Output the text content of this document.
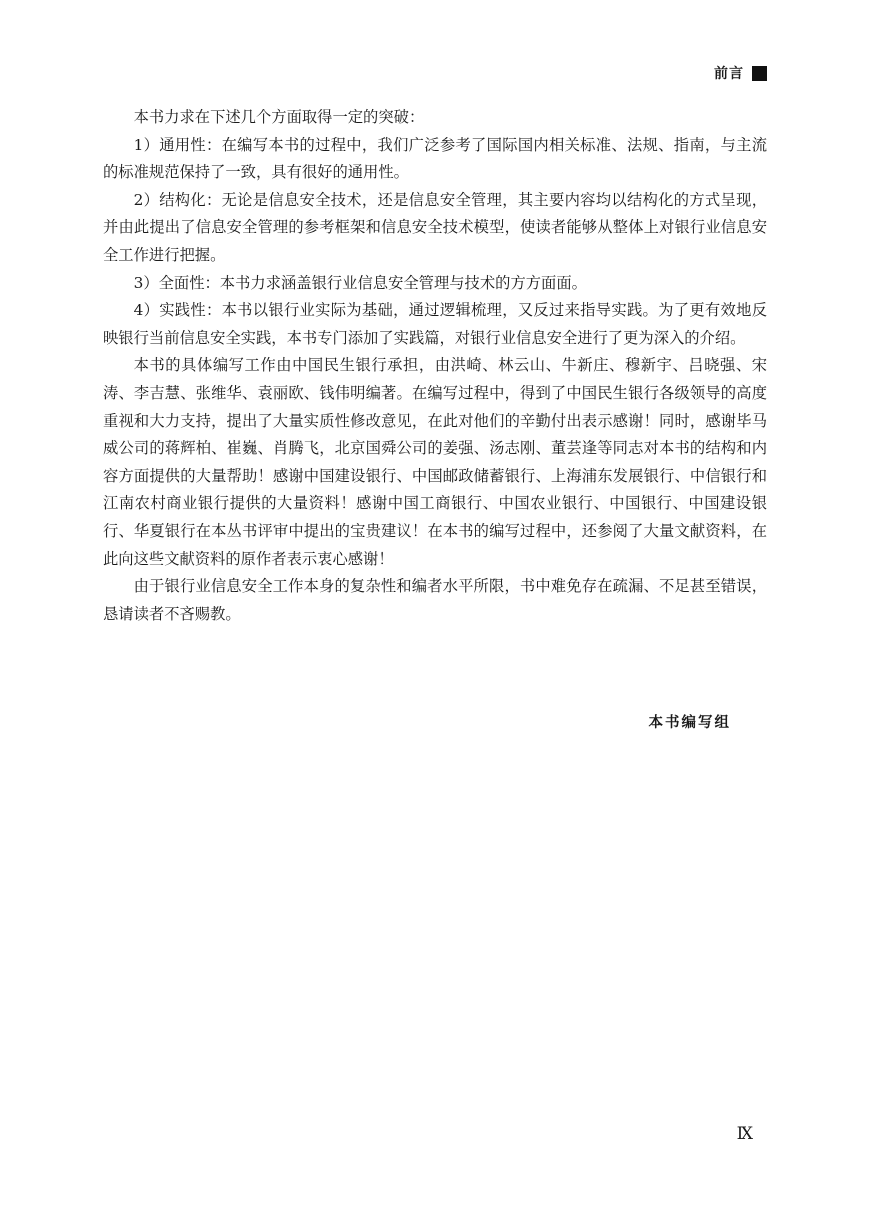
前言

本书力求在下述几个方面取得一定的突破：

1）通用性：在编写本书的过程中，我们广泛参考了国际国内相关标准、法规、指南，与主流的标准规范保持了一致，具有很好的通用性。

2）结构化：无论是信息安全技术，还是信息安全管理，其主要内容均以结构化的方式呈现，并由此提出了信息安全管理的参考框架和信息安全技术模型，使读者能够从整体上对银行业信息安全工作进行把握。

3）全面性：本书力求涵盖银行业信息安全管理与技术的方方面面。

4）实践性：本书以银行业实际为基础，通过逻辑梳理，又反过来指导实践。为了更有效地反映银行当前信息安全实践，本书专门添加了实践篇，对银行业信息安全进行了更为深入的介绍。

本书的具体编写工作由中国民生银行承担，由洪崎、林云山、牛新庄、穆新宇、吕晓强、宋涛、李吉慧、张维华、袁丽欧、钱伟明编著。在编写过程中，得到了中国民生银行各级领导的高度重视和大力支持，提出了大量实质性修改意见，在此对他们的辛勤付出表示感谢！同时，感谢毕马威公司的蒋辉柏、崔巍、肖腾飞，北京国舜公司的姜强、汤志刚、董芸逢等同志对本书的结构和内容方面提供的大量帮助！感谢中国建设银行、中国邮政储蓄银行、上海浦东发展银行、中信银行和江南农村商业银行提供的大量资料！感谢中国工商银行、中国农业银行、中国银行、中国建设银行、华夏银行在本丛书评审中提出的宝贵建议！在本书的编写过程中，还参阅了大量文献资料，在此向这些文献资料的原作者表示衷心感谢！

由于银行业信息安全工作本身的复杂性和编者水平所限，书中难免存在疏漏、不足甚至错误，恳请读者不吝赐教。

本书编写组
Ⅸ
